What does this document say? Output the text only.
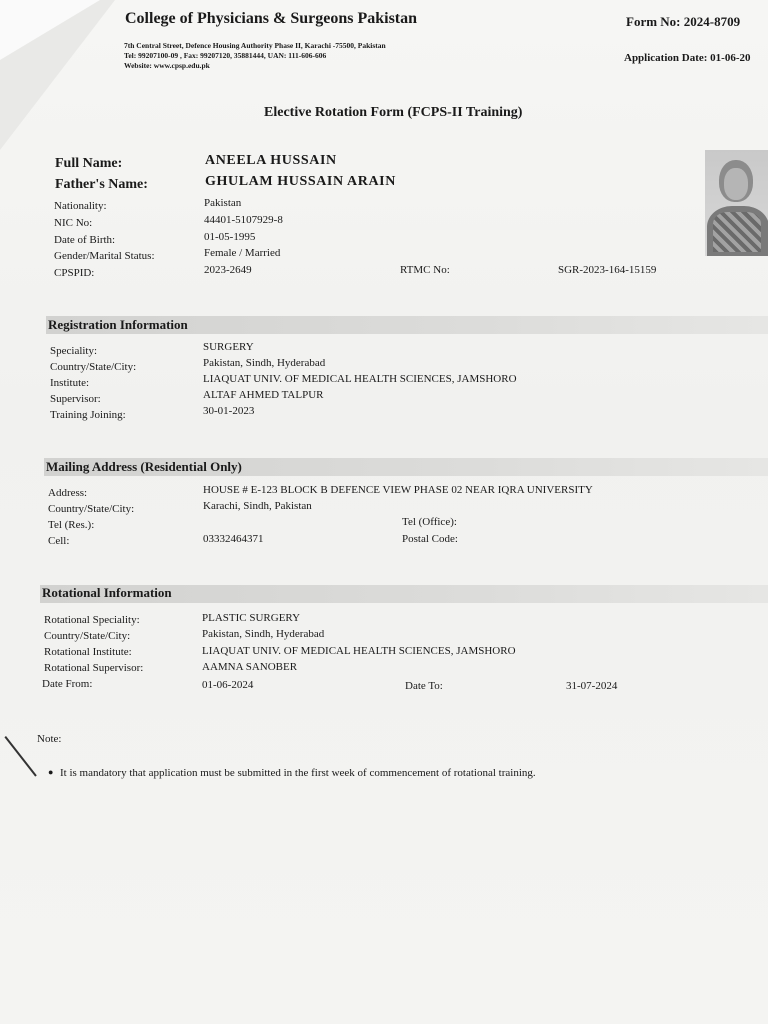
College of Physicians & Surgeons Pakistan
7th Central Street, Defence Housing Authority Phase II, Karachi -75500, Pakistan
Tel: 99207100-09 , Fax: 99207120, 35881444, UAN: 111-606-606
Website: www.cpsp.edu.pk
Form No: 2024-8709
Application Date: 01-06-20
Elective Rotation Form (FCPS-II Training)
Full Name:	ANEELA HUSSAIN
Father's Name:	GHULAM HUSSAIN ARAIN
Nationality:	Pakistan
NIC No:	44401-5107929-8
Date of Birth:	01-05-1995
Gender/Marital Status:	Female / Married
CPSPID:	2023-2649	RTMC No:	SGR-2023-164-15159
Registration Information
Speciality:	SURGERY
Country/State/City:	Pakistan, Sindh, Hyderabad
Institute:	LIAQUAT UNIV. OF MEDICAL HEALTH SCIENCES, JAMSHORO
Supervisor:	ALTAF AHMED TALPUR
Training Joining:	30-01-2023
Mailing Address (Residential Only)
Address:	HOUSE # E-123 BLOCK B DEFENCE VIEW PHASE 02 NEAR IQRA UNIVERSITY
Country/State/City:	Karachi, Sindh, Pakistan
Tel (Res.):	Tel (Office):
Cell:	03332464371	Postal Code:
Rotational Information
Rotational Speciality:	PLASTIC SURGERY
Country/State/City:	Pakistan, Sindh, Hyderabad
Rotational Institute:	LIAQUAT UNIV. OF MEDICAL HEALTH SCIENCES, JAMSHORO
Rotational Supervisor:	AAMNA SANOBER
Date From:	01-06-2024	Date To:	31-07-2024
Note:
● It is mandatory that application must be submitted in the first week of commencement of rotational training.
